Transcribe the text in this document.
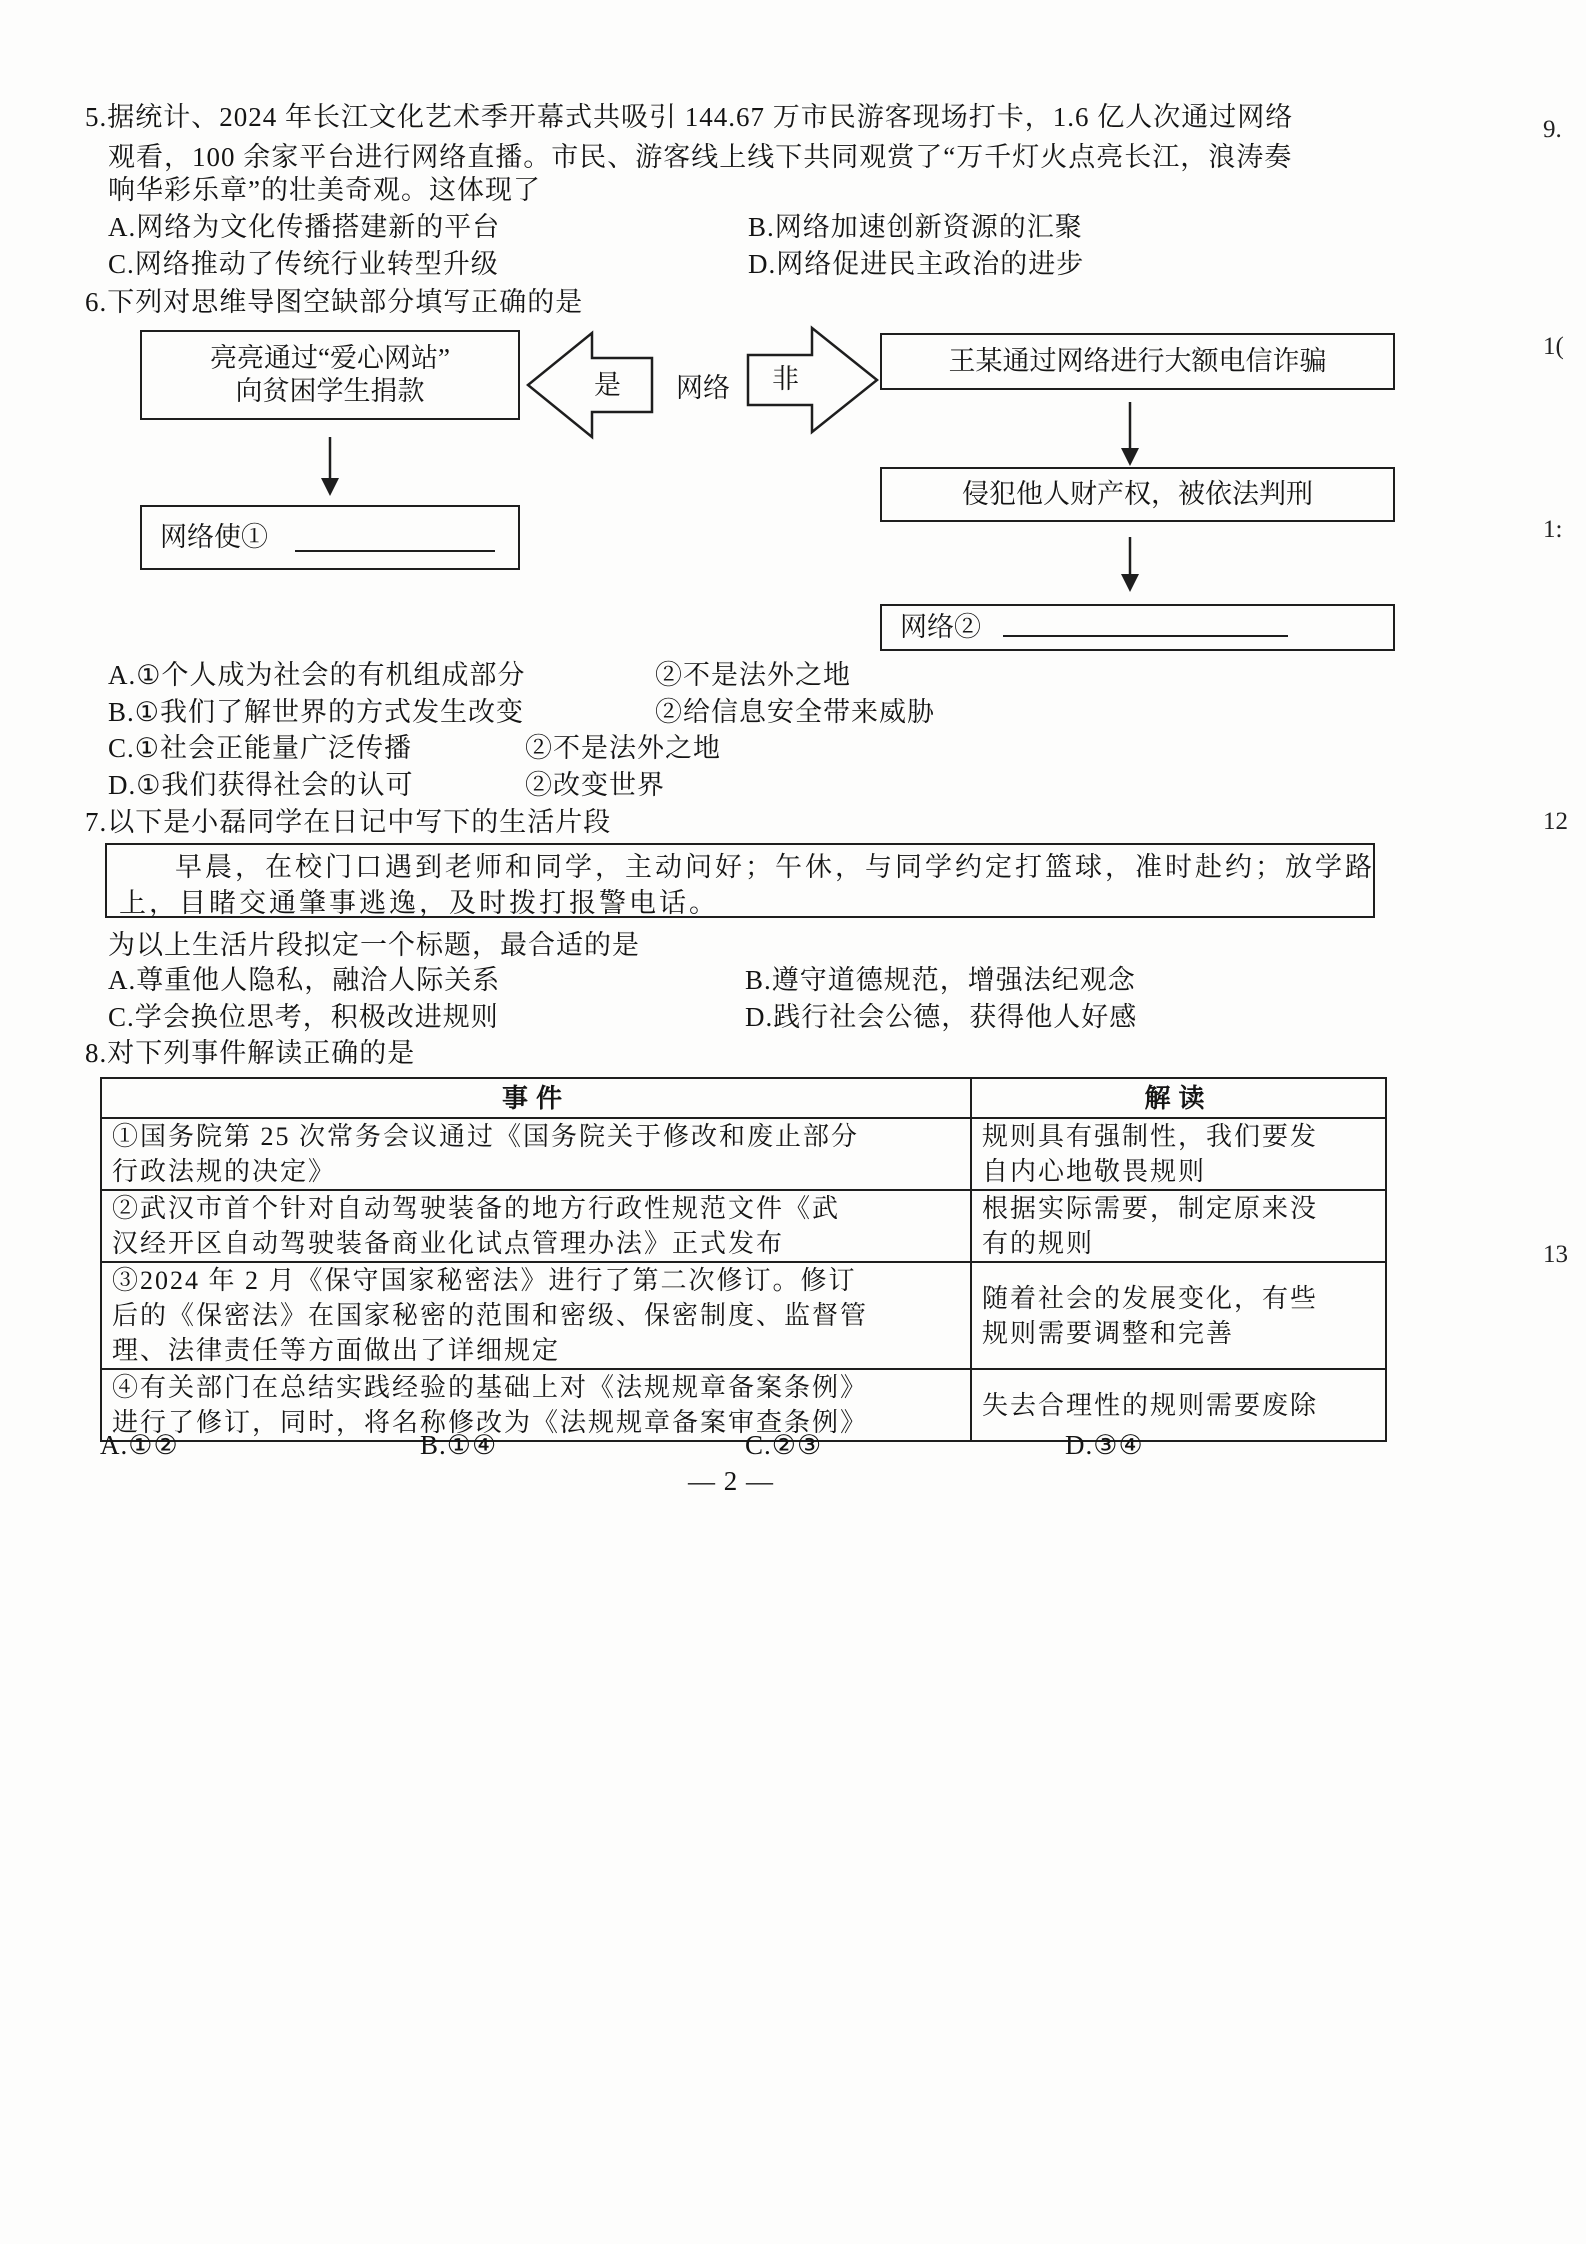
9.
1(
1:
12
13
5.据统计、2024 年长江文化艺术季开幕式共吸引 144.67 万市民游客现场打卡，1.6 亿人次通过网络
观看，100 余家平台进行网络直播。市民、游客线上线下共同观赏了“万千灯火点亮长江，浪涛奏
响华彩乐章”的壮美奇观。这体现了
A.网络为文化传播搭建新的平台	B.网络加速创新资源的汇聚
C.网络推动了传统行业转型升级	D.网络促进民主政治的进步
6.下列对思维导图空缺部分填写正确的是
亮亮通过“爱心网站”
向贫困学生捐款	是 网络 非
王某通过网络进行大额电信诈骗
网络使①
侵犯他人财产权，被依法判刑
网络②
A.①个人成为社会的有机组成部分	②不是法外之地
B.①我们了解世界的方式发生改变	②给信息安全带来威胁
C.①社会正能量广泛传播	②不是法外之地
D.①我们获得社会的认可	②改变世界
7.以下是小磊同学在日记中写下的生活片段
早晨，在校门口遇到老师和同学，主动问好；午休，与同学约定打篮球，准时赴约；放学路
上，目睹交通肇事逃逸，及时拨打报警电话。
为以上生活片段拟定一个标题，最合适的是
A.尊重他人隐私，融洽人际关系	B.遵守道德规范，增强法纪观念
C.学会换位思考，积极改进规则	D.践行社会公德，获得他人好感
8.对下列事件解读正确的是
事件	解读

①国务院第 25 次常务会议通过《国务院关于修改和废止部分
行政法规的决定》	规则具有强制性，我们要发
自内心地敬畏规则

②武汉市首个针对自动驾驶装备的地方行政性规范文件《武
汉经开区自动驾驶装备商业化试点管理办法》正式发布	根据实际需要，制定原来没
有的规则

③2024 年 2 月《保守国家秘密法》进行了第二次修订。修订
后的《保密法》在国家秘密的范围和密级、保密制度、监督管
理、法律责任等方面做出了详细规定	随着社会的发展变化，有些
规则需要调整和完善

④有关部门在总结实践经验的基础上对《法规规章备案条例》
进行了修订，同时，将名称修改为《法规规章备案审查条例》	失去合理性的规则需要废除
A.①②	B.①④	C.②③	D.③④
— 2 —
